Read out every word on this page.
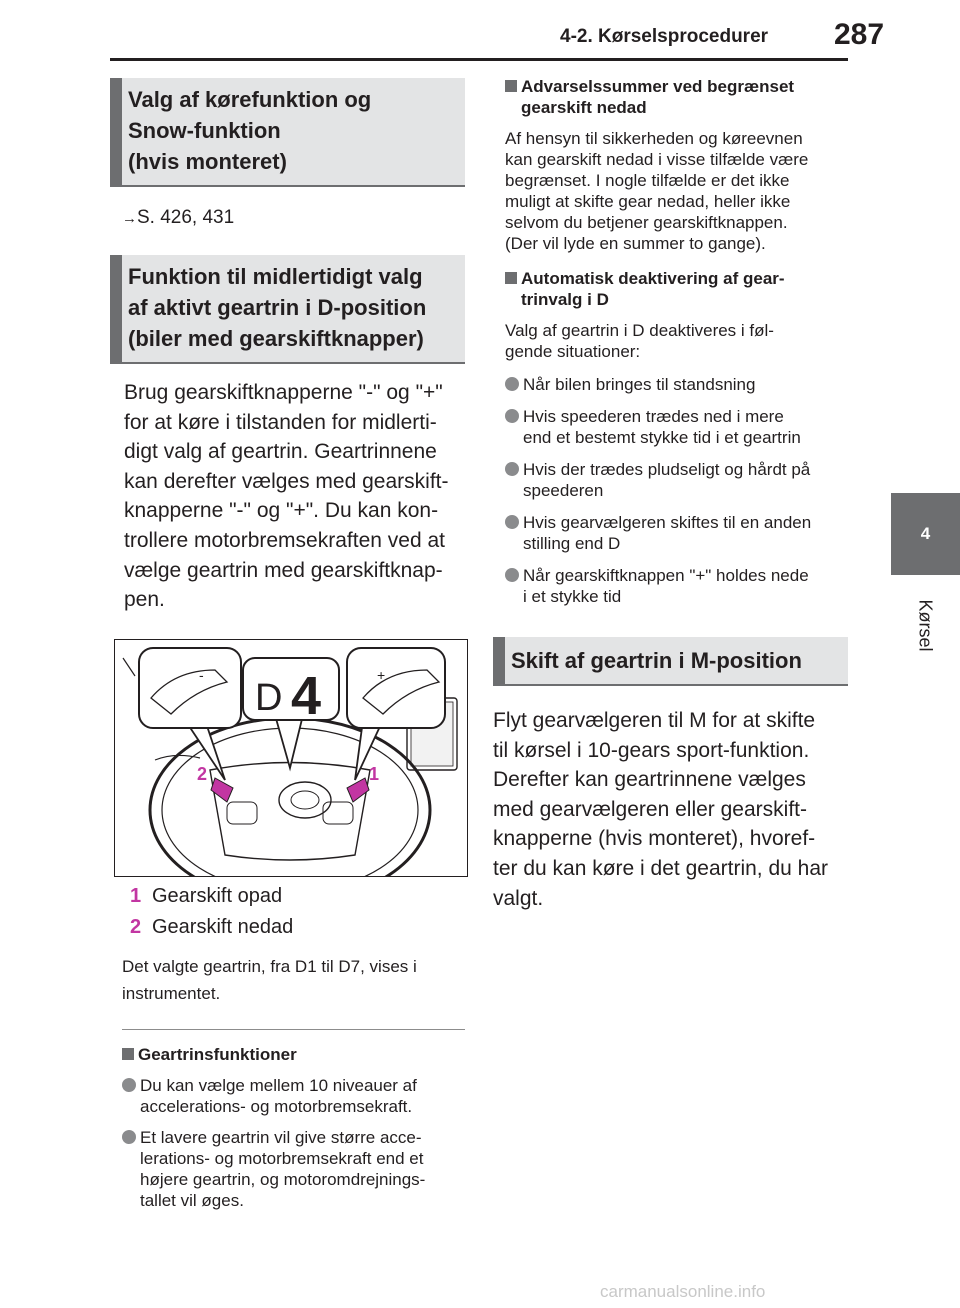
4-2. Kørselsprocedurer 287
4
Kørsel
Valg af kørefunktion og
Snow-funktion
(hvis monteret)
→S. 426, 431
Funktion til midlertidigt valg
af aktivt geartrin i D-position
(biler med gearskiftknapper)
Brug gearskiftknapperne "-" og "+"
for at køre i tilstanden for midlerti-
digt valg af geartrin. Geartrinnene
kan derefter vælges med gearskift-
knapperne "-" og "+". Du kan kon-
trollere motorbremsekraften ved at
vælge geartrin med gearskiftknap-
pen.
-
D 4	+
2	1
1 Gearskift opad
2 Gearskift nedad
Det valgte geartrin, fra D1 til D7, vises i
instrumentet.
Geartrinsfunktioner
Du kan vælge mellem 10 niveauer af
accelerations- og motorbremsekraft.
Et lavere geartrin vil give større acce-
lerations- og motorbremsekraft end et
højere geartrin, og motoromdrejnings-
tallet vil øges.
Advarselssummer ved begrænset
gearskift nedad
Af hensyn til sikkerheden og køreevnen
kan gearskift nedad i visse tilfælde være
begrænset. I nogle tilfælde er det ikke
muligt at skifte gear nedad, heller ikke
selvom du betjener gearskiftknappen.
(Der vil lyde en summer to gange).
Automatisk deaktivering af gear-
trinvalg i D
Valg af geartrin i D deaktiveres i føl-
gende situationer:
Når bilen bringes til standsning
Hvis speederen trædes ned i mere
end et bestemt stykke tid i et geartrin
Hvis der trædes pludseligt og hårdt på
speederen
Hvis gearvælgeren skiftes til en anden
stilling end D
Når gearskiftknappen "+" holdes nede
i et stykke tid
Skift af geartrin i M-position
Flyt gearvælgeren til M for at skifte
til kørsel i 10-gears sport-funktion.
Derefter kan geartrinnene vælges
med gearvælgeren eller gearskift-
knapperne (hvis monteret), hvoref-
ter du kan køre i det geartrin, du har
valgt.
carmanualsonline.info
